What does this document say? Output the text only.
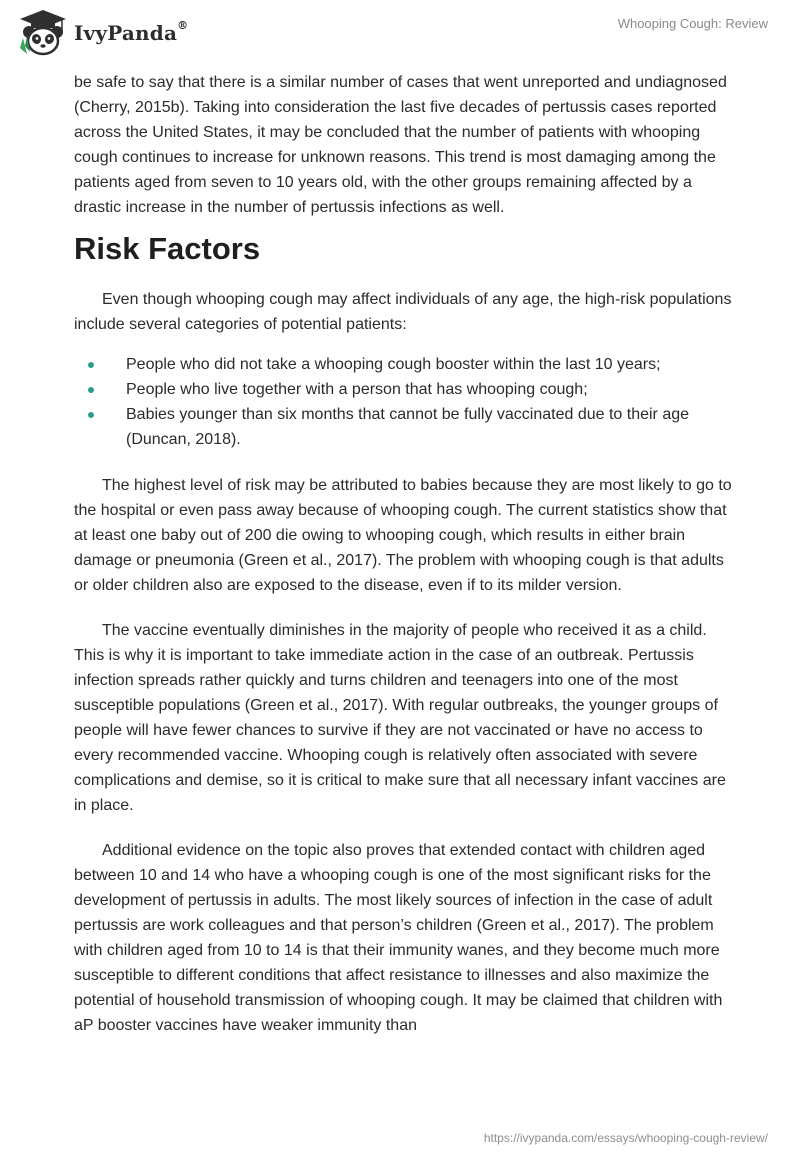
IvyPanda®	Whooping Cough: Review

be safe to say that there is a similar number of cases that went unreported and undiagnosed (Cherry, 2015b). Taking into consideration the last five decades of pertussis cases reported across the United States, it may be concluded that the number of patients with whooping cough continues to increase for unknown reasons. This trend is most damaging among the patients aged from seven to 10 years old, with the other groups remaining affected by a drastic increase in the number of pertussis infections as well.

Risk Factors

Even though whooping cough may affect individuals of any age, the high-risk populations include several categories of potential patients:

People who did not take a whooping cough booster within the last 10 years;
People who live together with a person that has whooping cough;
Babies younger than six months that cannot be fully vaccinated due to their age (Duncan, 2018).

The highest level of risk may be attributed to babies because they are most likely to go to the hospital or even pass away because of whooping cough. The current statistics show that at least one baby out of 200 die owing to whooping cough, which results in either brain damage or pneumonia (Green et al., 2017). The problem with whooping cough is that adults or older children also are exposed to the disease, even if to its milder version.

The vaccine eventually diminishes in the majority of people who received it as a child. This is why it is important to take immediate action in the case of an outbreak. Pertussis infection spreads rather quickly and turns children and teenagers into one of the most susceptible populations (Green et al., 2017). With regular outbreaks, the younger groups of people will have fewer chances to survive if they are not vaccinated or have no access to every recommended vaccine. Whooping cough is relatively often associated with severe complications and demise, so it is critical to make sure that all necessary infant vaccines are in place.

Additional evidence on the topic also proves that extended contact with children aged between 10 and 14 who have a whooping cough is one of the most significant risks for the development of pertussis in adults. The most likely sources of infection in the case of adult pertussis are work colleagues and that person’s children (Green et al., 2017). The problem with children aged from 10 to 14 is that their immunity wanes, and they become much more susceptible to different conditions that affect resistance to illnesses and also maximize the potential of household transmission of whooping cough. It may be claimed that children with aP booster vaccines have weaker immunity than

https://ivypanda.com/essays/whooping-cough-review/
